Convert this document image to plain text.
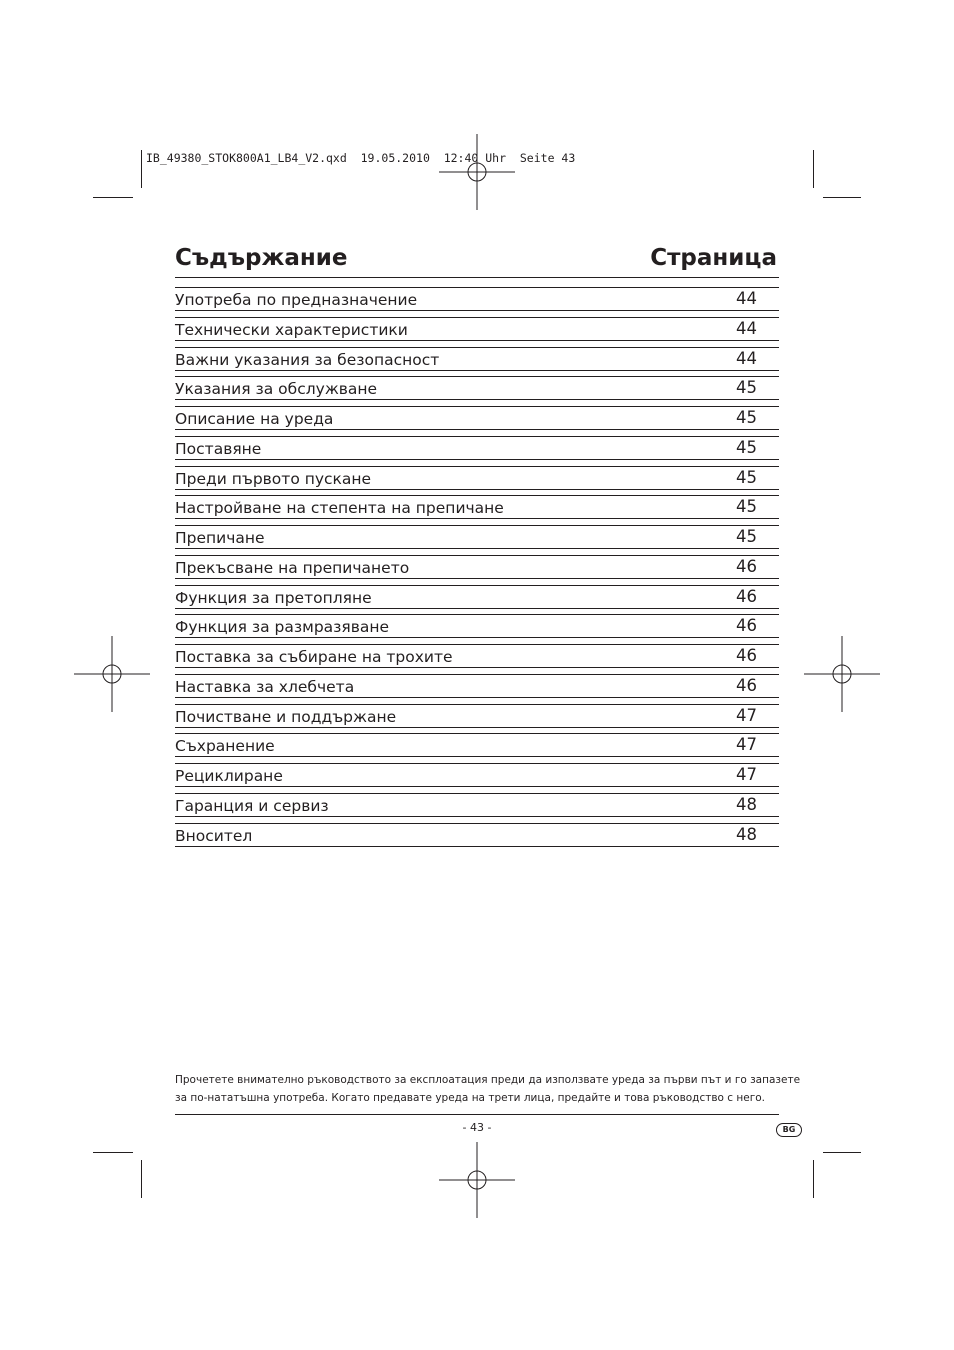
IB_49380_STOK800A1_LB4_V2.qxd  19.05.2010  12:40 Uhr  Seite 43
Съдържание	Страница
Употреба по предназначение	44
Технически характеристики	44
Важни указания за безопасност	44
Указания за обслужване	45
Описание на уреда	45
Поставяне	45
Преди първото пускане	45
Настройване на степента на препичане	45
Препичане	45
Прекъсване на препичането	46
Функция за претопляне	46
Функция за размразяване	46
Поставка за събиране на трохите	46
Наставка за хлебчета	46
Почистване и поддържане	47
Съхранение	47
Рециклиране	47
Гаранция и сервиз	48
Вносител	48

Прочетете внимателно ръководството за експлоатация преди да използвате уреда за първи път и го запазете

за по-нататъшна употреба. Когато предавате уреда на трети лица, предайте и това ръководство с него.

- 43 -	BG
